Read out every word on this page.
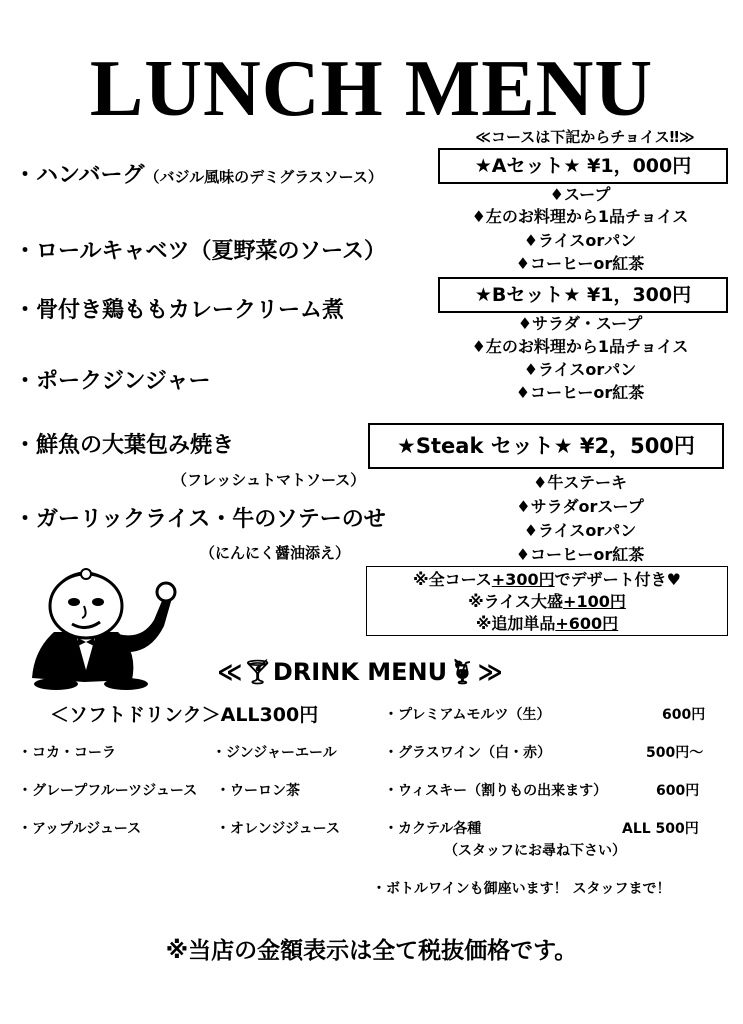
LUNCH MENU
≪コースは下記からチョイス‼≫
・ハンバーグ（バジル風味のデミグラスソース）
・ロールキャベツ（夏野菜のソース）
・骨付き鶏ももカレークリーム煮
・ポークジンジャー
・鮮魚の大葉包み焼き
（フレッシュトマトソース）
・ガーリックライス・牛のソテーのせ
（にんにく醤油添え）
★Aセット★ ¥1，000円
♦スープ
♦左のお料理から1品チョイス
♦ライスorパン
♦コーヒーor紅茶
★Bセット★ ¥1，300円
♦サラダ・スープ
♦左のお料理から1品チョイス
♦ライスorパン
♦コーヒーor紅茶
★Steak セット★ ¥2，500円
♦牛ステーキ
♦サラダorスープ
♦ライスorパン
♦コーヒーor紅茶
※全コース+300円でデザート付き♥
※ライス大盛+100円
※追加単品+600円
≪🍸︎DRINK MENU🍹︎≫
＜ソフトドリンク＞ALL300円
・コカ・コーラ	・ジンジャーエール
・グレープフルーツジュース ・ウーロン茶
・アップルジュース	・オレンジジュース
・プレミアムモルツ（生）	600円
・グラスワイン（白・赤）	500円～
・ウィスキー（割りもの出来ます）	600円
・カクテル各種	ALL 500円
（スタッフにお尋ね下さい）
・ボトルワインも御座います！ スタッフまで！
※当店の金額表示は全て税抜価格です。
